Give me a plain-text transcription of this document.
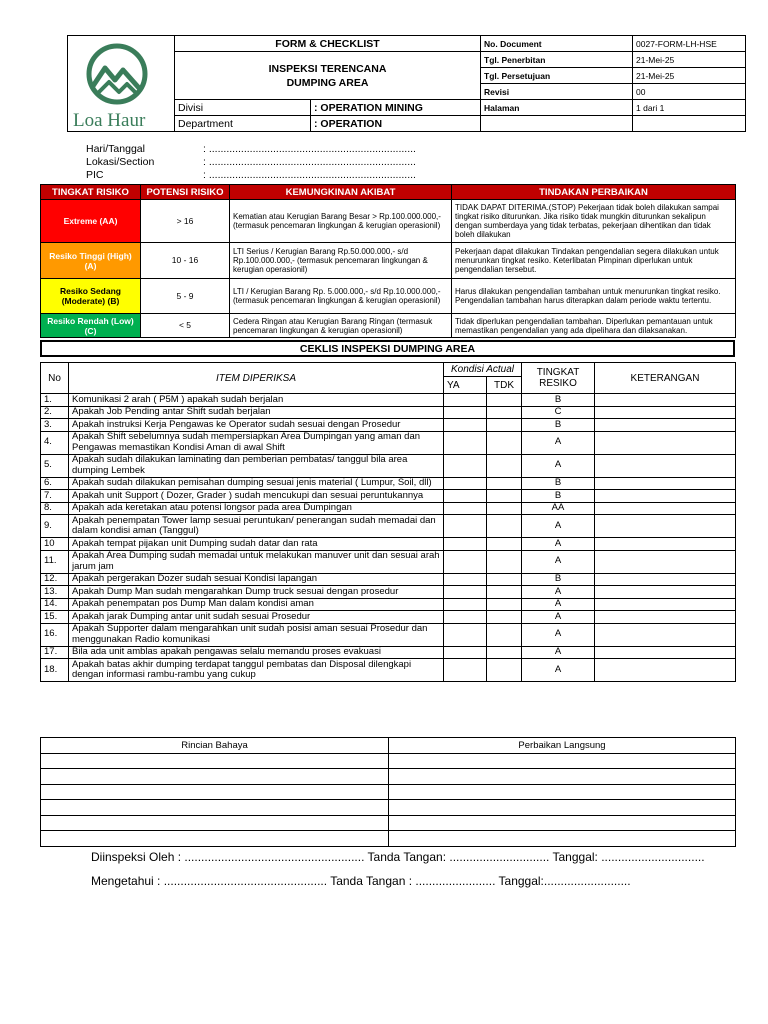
Loa Haur	FORM & CHECKLIST		No. Document	0027-FORM-LH-HSE
	INSPEKSI TERENCANA
DUMPING AREA		Tgl. Penerbitan	21-Mei-25
			Tgl. Persetujuan	21-Mei-25
			Revisi	00
	Divisi	: OPERATION MINING	Halaman	1 dari 1
	Department	: OPERATION		
Hari/Tanggal	: .......................................................................
Lokasi/Section	: .......................................................................
PIC	: .......................................................................
TINGKAT RISIKO	POTENSI RISIKO	KEMUNGKINAN AKIBAT	TINDAKAN PERBAIKAN
Extreme (AA)	> 16	Kematian atau Kerugian Barang Besar > Rp.100.000.000,- (termasuk pencemaran lingkungan & kerugian operasionil)	TIDAK DAPAT DITERIMA.(STOP) Pekerjaan tidak boleh dilakukan sampai tingkat risiko diturunkan. Jika risiko tidak mungkin diturunkan sekalipun dengan sumberdaya yang tidak terbatas, pekerjaan dihentikan dan tidak boleh dilakukan
Resiko Tinggi (High) (A)	10 - 16	LTI Serius / Kerugian Barang Rp.50.000.000,- s/d Rp.100.000.000,- (termasuk pencemaran lingkungan & kerugian operasionil)	Pekerjaan dapat dilakukan Tindakan pengendalian segera dilakukan untuk menurunkan tingkat resiko. Keterlibatan Pimpinan diperlukan untuk pengendalian tersebut.
Resiko Sedang (Moderate) (B)	5 - 9	LTI / Kerugian Barang Rp. 5.000.000,- s/d Rp.10.000.000,- (termasuk pencemaran lingkungan & kerugian operasionil)	Harus dilakukan pengendalian tambahan untuk menurunkan tingkat resiko. Pengendalian tambahan harus diterapkan dalam periode waktu tertentu.
Resiko Rendah (Low) (C)	< 5	Cedera Ringan atau Kerugian Barang Ringan (termasuk pencemaran lingkungan & kerugian operasionil)	Tidak diperlukan pengendalian tambahan. Diperlukan pemantauan untuk memastikan pengendalian yang ada dipelihara dan dilaksanakan.
CEKLIS INSPEKSI DUMPING AREA
No	ITEM DIPERIKSA	Kondisi Actual		TINGKAT RESIKO	KETERANGAN
		YA	TDK		
1.	Komunikasi 2 arah ( P5M ) apakah sudah berjalan			B	
2.	Apakah Job Pending antar Shift sudah berjalan			C	
3.	Apakah instruksi Kerja Pengawas ke Operator sudah sesuai dengan Prosedur			B	
4.	Apakah Shift sebelumnya sudah mempersiapkan Area Dumpingan yang aman dan Pengawas memastikan Kondisi Aman di awal Shift			A	
5.	Apakah sudah dilakukan laminating dan pemberian pembatas/ tanggul bila area dumping Lembek			A	
6.	Apakah sudah dilakukan pemisahan dumping sesuai jenis material ( Lumpur, Soil, dll)			B	
7.	Apakah unit Support ( Dozer, Grader ) sudah mencukupi dan sesuai peruntukannya			B	
8.	Apakah ada keretakan atau potensi longsor pada area Dumpingan			AA	
9.	Apakah penempatan Tower lamp sesuai peruntukan/ penerangan sudah memadai dan dalam kondisi aman (Tanggul)			A	
10	Apakah tempat pijakan unit Dumping sudah datar dan rata			A	
11.	Apakah Area Dumping sudah memadai untuk melakukan manuver unit dan sesuai arah jarum jam			A	
12.	Apakah pergerakan Dozer sudah sesuai Kondisi lapangan			B	
13.	Apakah Dump Man sudah mengarahkan Dump truck sesuai dengan prosedur			A	
14.	Apakah penempatan pos Dump Man dalam kondisi aman			A	
15.	Apakah jarak Dumping antar unit sudah sesuai Prosedur			A	
16.	Apakah Supporter dalam mengarahkan unit sudah posisi aman sesuai Prosedur dan menggunakan Radio komunikasi			A	
17.	Bila ada unit amblas apakah pengawas selalu memandu proses evakuasi			A	
18.	Apakah batas akhir dumping terdapat tanggul pembatas dan Disposal dilengkapi dengan informasi rambu-rambu yang cukup			A	
Rincian Bahaya	Perbaikan Langsung

Diinspeksi Oleh : ...................................................... Tanda Tangan: .............................. Tanggal: ...............................
Mengetahui : ................................................. Tanda Tangan : ........................ Tanggal:..........................
